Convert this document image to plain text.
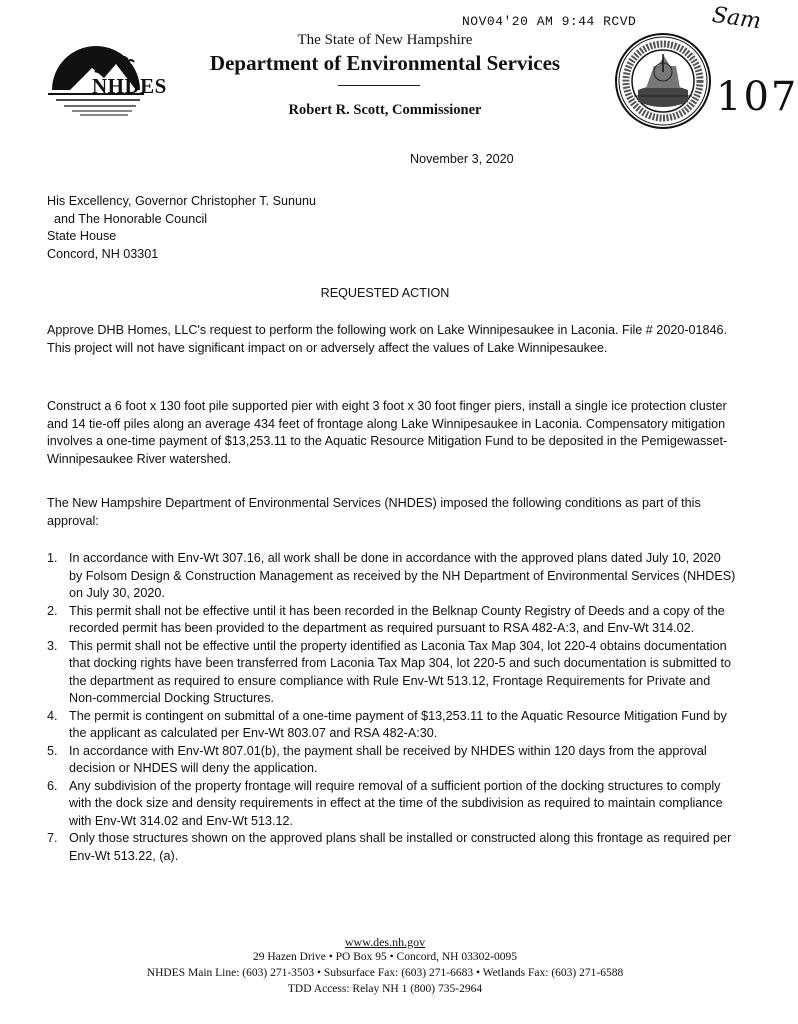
NOV04'20 AM 9:44 RCVD	Sam
107
NHDES
The State of New Hampshire
Department of Environmental Services
Robert R. Scott, Commissioner
November 3, 2020
His Excellency, Governor Christopher T. Sununu
and The Honorable Council
State House
Concord, NH 03301
REQUESTED ACTION
Approve DHB Homes, LLC's request to perform the following work on Lake Winnipesaukee in Laconia. File # 2020-01846. This project will not have significant impact on or adversely affect the values of Lake Winnipesaukee.
Construct a 6 foot x 130 foot pile supported pier with eight 3 foot x 30 foot finger piers, install a single ice protection cluster and 14 tie-off piles along an average 434 feet of frontage along Lake Winnipesaukee in Laconia. Compensatory mitigation involves a one-time payment of $13,253.11 to the Aquatic Resource Mitigation Fund to be deposited in the Pemigewasset-Winnipesaukee River watershed.
The New Hampshire Department of Environmental Services (NHDES) imposed the following conditions as part of this approval:
1. In accordance with Env-Wt 307.16, all work shall be done in accordance with the approved plans dated July 10, 2020 by Folsom Design & Construction Management as received by the NH Department of Environmental Services (NHDES) on July 30, 2020.
2. This permit shall not be effective until it has been recorded in the Belknap County Registry of Deeds and a copy of the recorded permit has been provided to the department as required pursuant to RSA 482-A:3, and Env-Wt 314.02.
3. This permit shall not be effective until the property identified as Laconia Tax Map 304, lot 220-4 obtains documentation that docking rights have been transferred from Laconia Tax Map 304, lot 220-5 and such documentation is submitted to the department as required to ensure compliance with Rule Env-Wt 513.12, Frontage Requirements for Private and Non-commercial Docking Structures.
4. The permit is contingent on submittal of a one-time payment of $13,253.11 to the Aquatic Resource Mitigation Fund by the applicant as calculated per Env-Wt 803.07 and RSA 482-A:30.
5. In accordance with Env-Wt 807.01(b), the payment shall be received by NHDES within 120 days from the approval decision or NHDES will deny the application.
6. Any subdivision of the property frontage will require removal of a sufficient portion of the docking structures to comply with the dock size and density requirements in effect at the time of the subdivision as required to maintain compliance with Env-Wt 314.02 and Env-Wt 513.12.
7. Only those structures shown on the approved plans shall be installed or constructed along this frontage as required per Env-Wt 513.22, (a).
www.des.nh.gov
29 Hazen Drive • PO Box 95 • Concord, NH 03302-0095
NHDES Main Line: (603) 271-3503 • Subsurface Fax: (603) 271-6683 • Wetlands Fax: (603) 271-6588
TDD Access: Relay NH 1 (800) 735-2964
